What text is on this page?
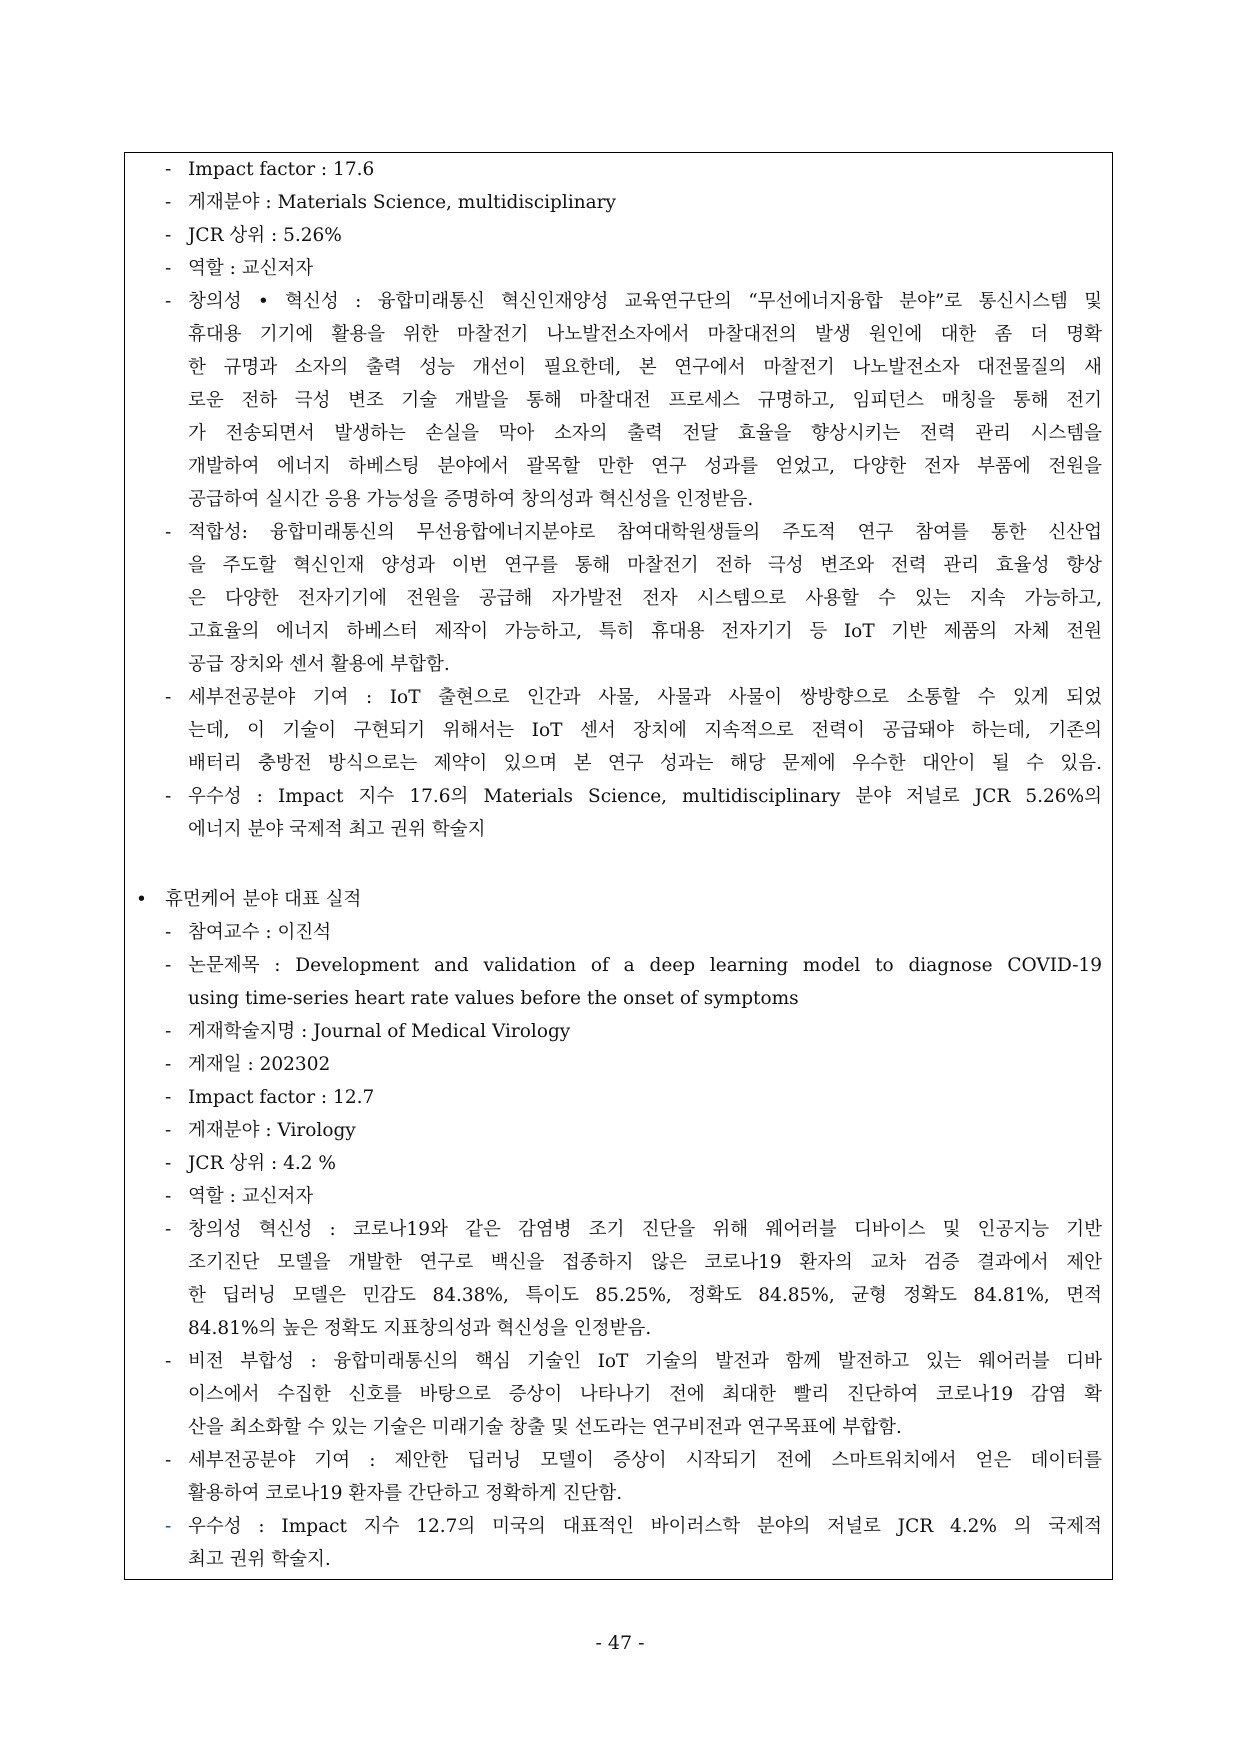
- Impact factor : 17.6
- 게재분야 : Materials Science, multidisciplinary
- JCR 상위 : 5.26%
- 역할 : 교신저자
- 창의성 • 혁신성 : 융합미래통신 혁신인재양성 교육연구단의 “무선에너지융합 분야”로 통신시스템 및
휴대용 기기에 활용을 위한 마찰전기 나노발전소자에서 마찰대전의 발생 원인에 대한 좀 더 명확
한 규명과 소자의 출력 성능 개선이 필요한데, 본 연구에서 마찰전기 나노발전소자 대전물질의 새
로운 전하 극성 변조 기술 개발을 통해 마찰대전 프로세스 규명하고, 임피던스 매칭을 통해 전기
가 전송되면서 발생하는 손실을 막아 소자의 출력 전달 효율을 향상시키는 전력 관리 시스템을
개발하여 에너지 하베스팅 분야에서 괄목할 만한 연구 성과를 얻었고, 다양한 전자 부품에 전원을
공급하여 실시간 응용 가능성을 증명하여 창의성과 혁신성을 인정받음.
- 적합성: 융합미래통신의 무선융합에너지분야로 참여대학원생들의 주도적 연구 참여를 통한 신산업
을 주도할 혁신인재 양성과 이번 연구를 통해 마찰전기 전하 극성 변조와 전력 관리 효율성 향상
은 다양한 전자기기에 전원을 공급해 자가발전 전자 시스템으로 사용할 수 있는 지속 가능하고,
고효율의 에너지 하베스터 제작이 가능하고, 특히 휴대용 전자기기 등 IoT 기반 제품의 자체 전원
공급 장치와 센서 활용에 부합함.
- 세부전공분야 기여 : IoT 출현으로 인간과 사물, 사물과 사물이 쌍방향으로 소통할 수 있게 되었
는데, 이 기술이 구현되기 위해서는 IoT 센서 장치에 지속적으로 전력이 공급돼야 하는데, 기존의
배터리 충방전 방식으로는 제약이 있으며 본 연구 성과는 해당 문제에 우수한 대안이 될 수 있음.
- 우수성 : Impact 지수 17.6의 Materials Science, multidisciplinary 분야 저널로 JCR 5.26%의
에너지 분야 국제적 최고 권위 학술지
• 휴먼케어 분야 대표 실적
- 참여교수 : 이진석
- 논문제목 : Development and validation of a deep learning model to diagnose COVID-19
using time-series heart rate values before the onset of symptoms
- 게재학술지명 : Journal of Medical Virology
- 게재일 : 202302
- Impact factor : 12.7
- 게재분야 : Virology
- JCR 상위 : 4.2 %
- 역할 : 교신저자
- 창의성 혁신성 : 코로나19와 같은 감염병 조기 진단을 위해 웨어러블 디바이스 및 인공지능 기반
조기진단 모델을 개발한 연구로 백신을 접종하지 않은 코로나19 환자의 교차 검증 결과에서 제안
한 딥러닝 모델은 민감도 84.38%, 특이도 85.25%, 정확도 84.85%, 균형 정확도 84.81%, 면적
84.81%의 높은 정확도 지표창의성과 혁신성을 인정받음.
- 비전 부합성 : 융합미래통신의 핵심 기술인 IoT 기술의 발전과 함께 발전하고 있는 웨어러블 디바
이스에서 수집한 신호를 바탕으로 증상이 나타나기 전에 최대한 빨리 진단하여 코로나19 감염 확
산을 최소화할 수 있는 기술은 미래기술 창출 및 선도라는 연구비전과 연구목표에 부합함.
- 세부전공분야 기여 : 제안한 딥러닝 모델이 증상이 시작되기 전에 스마트워치에서 얻은 데이터를
활용하여 코로나19 환자를 간단하고 정확하게 진단함.
- 우수성 : Impact 지수 12.7의 미국의 대표적인 바이러스학 분야의 저널로 JCR 4.2% 의 국제적
최고 권위 학술지.
- 47 -
